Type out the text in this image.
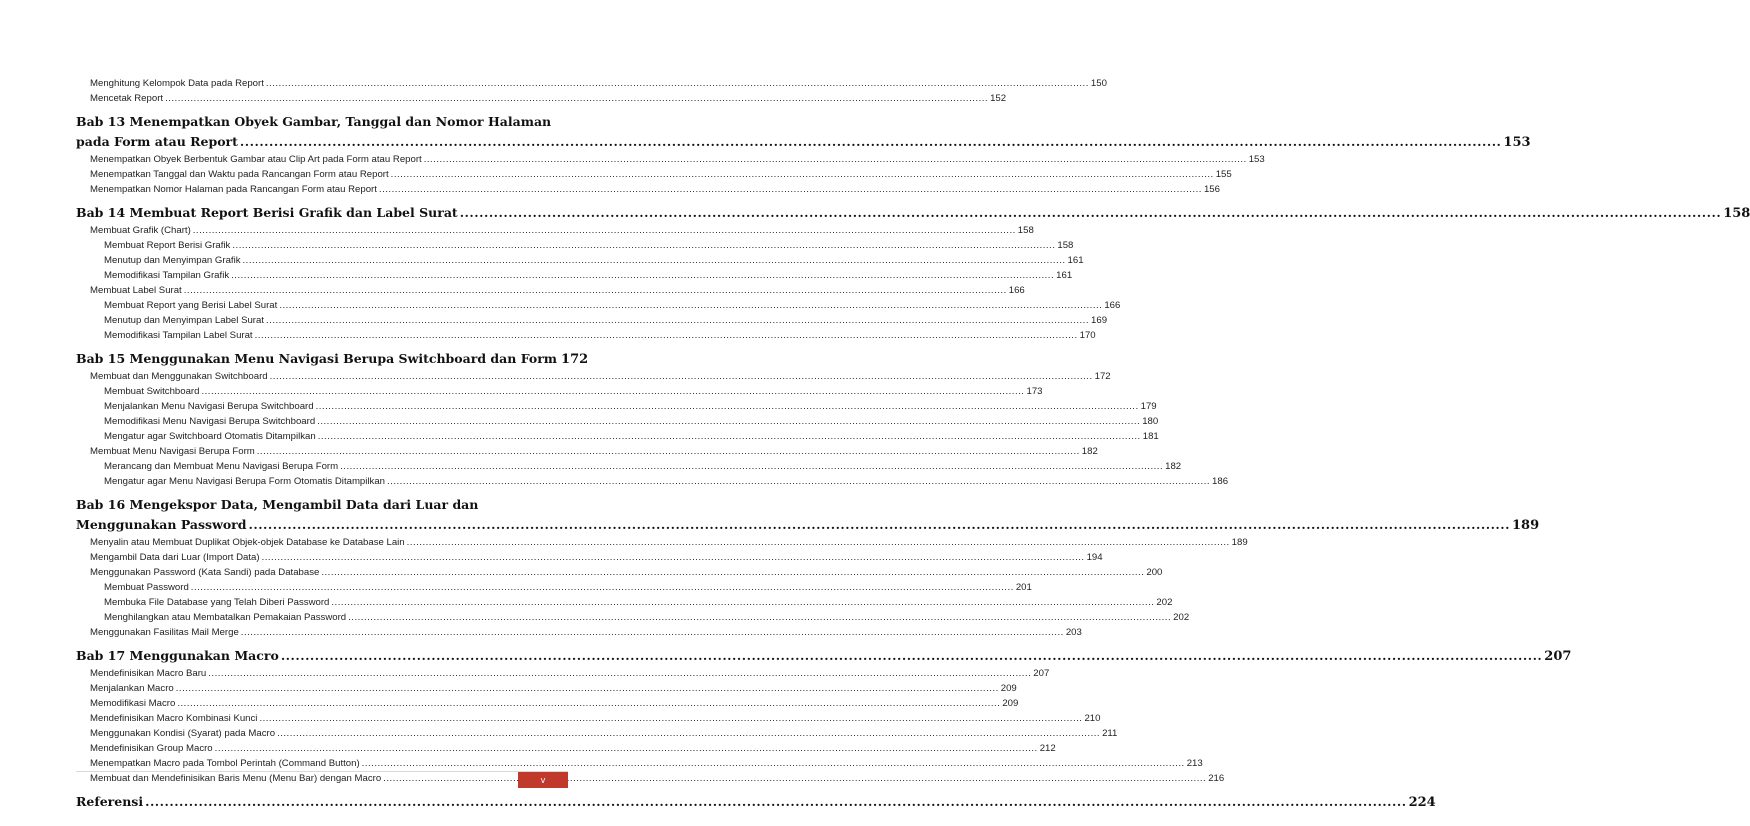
Menghitung Kelompok Data pada Report .....	150
Mencetak Report .....	152
Bab 13 Menempatkan Obyek Gambar, Tanggal dan Nomor Halaman
pada Form atau Report .....	153
Menempatkan Obyek Berbentuk Gambar atau Clip Art pada Form atau Report .....	153
Menempatkan Tanggal dan Waktu pada Rancangan Form atau Report .....	155
Menempatkan Nomor Halaman pada Rancangan Form atau Report .....	156
Bab 14 Membuat Report Berisi Grafik dan Label Surat .....	158
Membuat Grafik (Chart) .....	158
Membuat Report Berisi Grafik .....	158
Menutup dan Menyimpan Grafik .....	161
Memodifikasi Tampilan Grafik .....	161
Membuat Label Surat .....	166
Membuat Report yang Berisi Label Surat .....	166
Menutup dan Menyimpan Label Surat .....	169
Memodifikasi Tampilan Label Surat .....	170
Bab 15 Menggunakan Menu Navigasi Berupa Switchboard dan Form 172
Membuat dan Menggunakan Switchboard .....	172
Membuat Switchboard .....	173
Menjalankan Menu Navigasi Berupa Switchboard .....	179
Memodifikasi Menu Navigasi Berupa Switchboard .....	180
Mengatur agar Switchboard Otomatis Ditampilkan .....	181
Membuat Menu Navigasi Berupa Form .....	182
Merancang dan Membuat Menu Navigasi Berupa Form .....	182
Mengatur agar Menu Navigasi Berupa Form Otomatis Ditampilkan .....	186
Bab 16 Mengekspor Data, Mengambil Data dari Luar dan
Menggunakan Password .....	189
Menyalin atau Membuat Duplikat Objek-objek Database ke Database Lain .....	189
Mengambil Data dari Luar (Import Data) .....	194
Menggunakan Password (Kata Sandi) pada Database .....	200
Membuat Password .....	201
Membuka File Database yang Telah Diberi Password .....	202
Menghilangkan atau Membatalkan Pemakaian Password .....	202
Menggunakan Fasilitas Mail Merge .....	203
Bab 17 Menggunakan Macro .....	207
Mendefinisikan Macro Baru .....	207
Menjalankan Macro .....	209
Memodifikasi Macro .....	209
Mendefinisikan Macro Kombinasi Kunci .....	210
Menggunakan Kondisi (Syarat) pada Macro .....	211
Mendefinisikan Group Macro .....	212
Menempatkan Macro pada Tombol Perintah (Command Button) .....	213
Membuat dan Mendefinisikan Baris Menu (Menu Bar) dengan Macro .....	216
Referensi .....	224
v
